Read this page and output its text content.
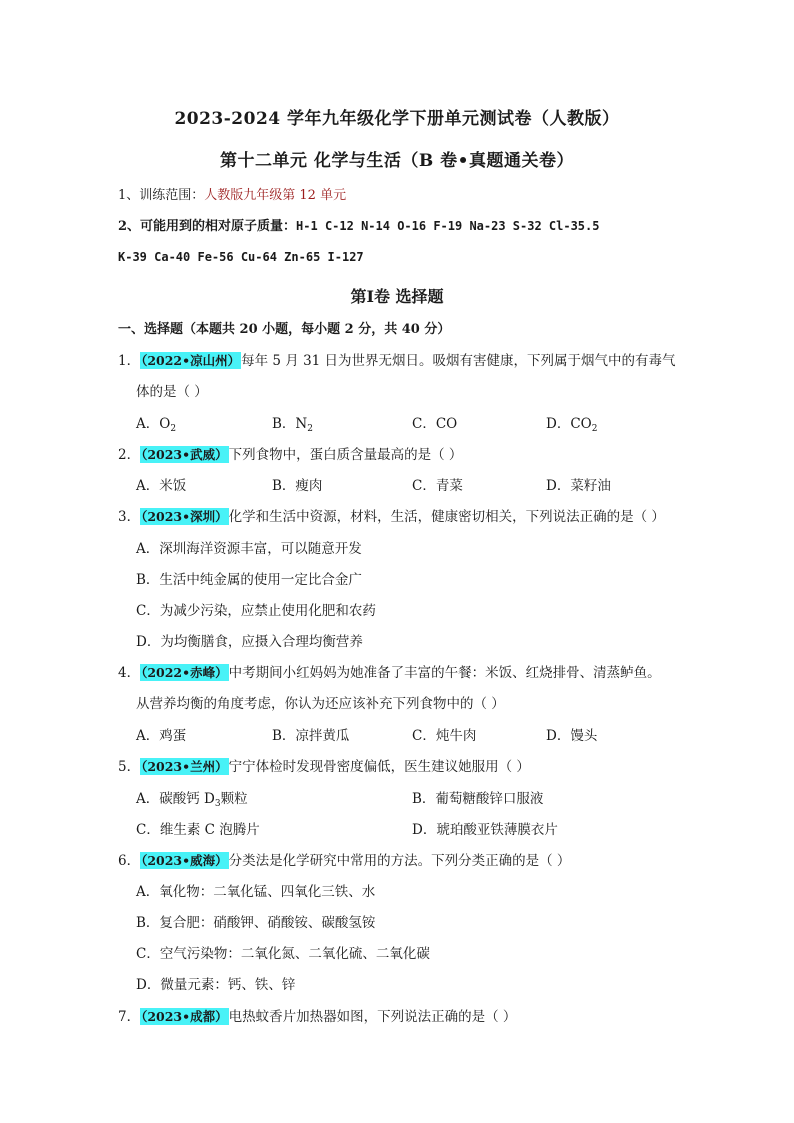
2023-2024 学年九年级化学下册单元测试卷（人教版）
第十二单元 化学与生活（B 卷•真题通关卷）
1、训练范围：人教版九年级第 12 单元
2、可能用到的相对原子质量：H-1 C-12 N-14 O-16 F-19 Na-23 S-32 Cl-35.5
K-39 Ca-40 Fe-56 Cu-64 Zn-65 I-127
第Ⅰ卷 选择题
一、选择题（本题共 20 小题，每小题 2 分，共 40 分）
1．（2022•凉山州）每年 5 月 31 日为世界无烟日。吸烟有害健康，下列属于烟气中的有毒气
体的是（ ）
A．$O_2$	B．$N_2$	C．CO	D．$CO_2$
2．（2023•武威）下列食物中，蛋白质含量最高的是（ ）
A．米饭	B．瘦肉	C．青菜	D．菜籽油
3．（2023•深圳）化学和生活中资源，材料，生活，健康密切相关，下列说法正确的是（ ）
A．深圳海洋资源丰富，可以随意开发
B．生活中纯金属的使用一定比合金广
C．为减少污染，应禁止使用化肥和农药
D．为均衡膳食，应摄入合理均衡营养
4．（2022•赤峰）中考期间小红妈妈为她准备了丰富的午餐：米饭、红烧排骨、清蒸鲈鱼。
从营养均衡的角度考虑，你认为还应该补充下列食物中的（ ）
A．鸡蛋	B．凉拌黄瓜	C．炖牛肉	D．馒头
5．（2023•兰州）宁宁体检时发现骨密度偏低，医生建议她服用（ ）
A．碳酸钙 $D_3$颗粒	B．葡萄糖酸锌口服液
C．维生素 C 泡腾片	D．琥珀酸亚铁薄膜衣片
6．（2023•威海）分类法是化学研究中常用的方法。下列分类正确的是（ ）
A．氧化物：二氧化锰、四氧化三铁、水
B．复合肥：硝酸钾、硝酸铵、碳酸氢铵
C．空气污染物：二氧化氮、二氧化硫、二氧化碳
D．微量元素：钙、铁、锌
7．（2023•成都）电热蚊香片加热器如图，下列说法正确的是（ ）
